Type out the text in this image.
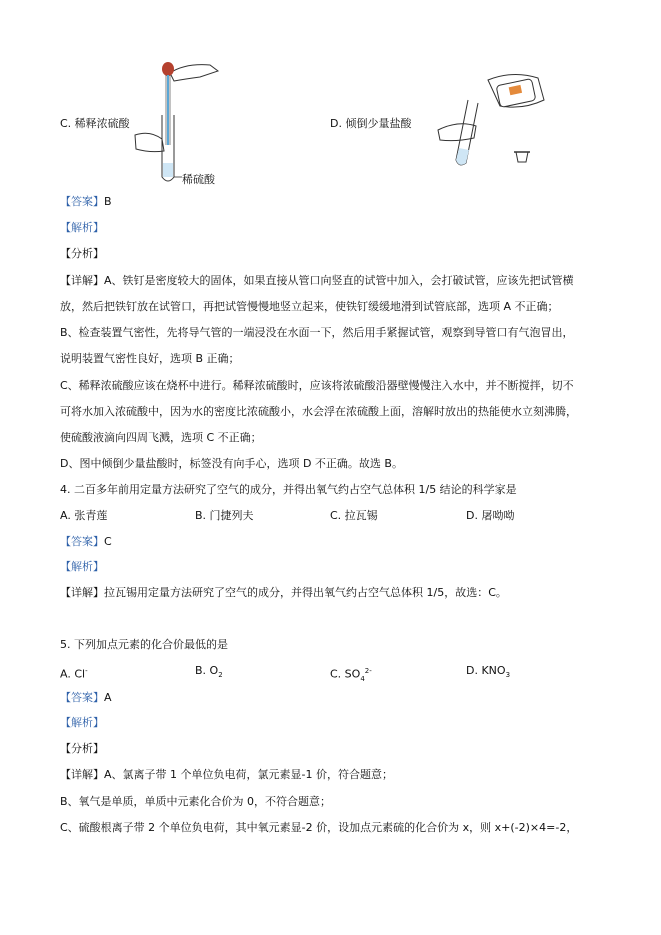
稀硫酸
C. 稀释浓硫酸	D. 倾倒少量盐酸
【答案】B
【解析】
【分析】
【详解】A、铁钉是密度较大的固体，如果直接从管口向竖直的试管中加入，会打破试管，应该先把试管横
放，然后把铁钉放在试管口，再把试管慢慢地竖立起来，使铁钉缓缓地滑到试管底部，选项 A 不正确；
B、检查装置气密性，先将导气管的一端浸没在水面一下，然后用手紧握试管，观察到导管口有气泡冒出，
说明装置气密性良好，选项 B 正确；
C、稀释浓硫酸应该在烧杯中进行。稀释浓硫酸时，应该将浓硫酸沿器壁慢慢注入水中，并不断搅拌，切不
可将水加入浓硫酸中，因为水的密度比浓硫酸小，水会浮在浓硫酸上面，溶解时放出的热能使水立刻沸腾，
使硫酸液滴向四周飞溅，选项 C 不正确；
D、图中倾倒少量盐酸时，标签没有向手心，选项 D 不正确。故选 B。
4. 二百多年前用定量方法研究了空气的成分，并得出氧气约占空气总体积 1/5 结论的科学家是
A. 张青莲	B. 门捷列夫	C. 拉瓦锡	D. 屠呦呦
【答案】C
【解析】
【详解】拉瓦锡用定量方法研究了空气的成分，并得出氧气约占空气总体积 1/5，故选：C。
5. 下列加点元素的化合价最低的是
A. Cl-	B. $O_2$	C. $SO_4^{2-}$	D. $KNO_3$
【答案】A
【解析】
【分析】
【详解】A、氯离子带 1 个单位负电荷，氯元素显-1 价，符合题意；
B、氧气是单质，单质中元素化合价为 0，不符合题意；
C、硫酸根离子带 2 个单位负电荷，其中氧元素显-2 价，设加点元素硫的化合价为 x，则 x+(-2)×4=-2，
